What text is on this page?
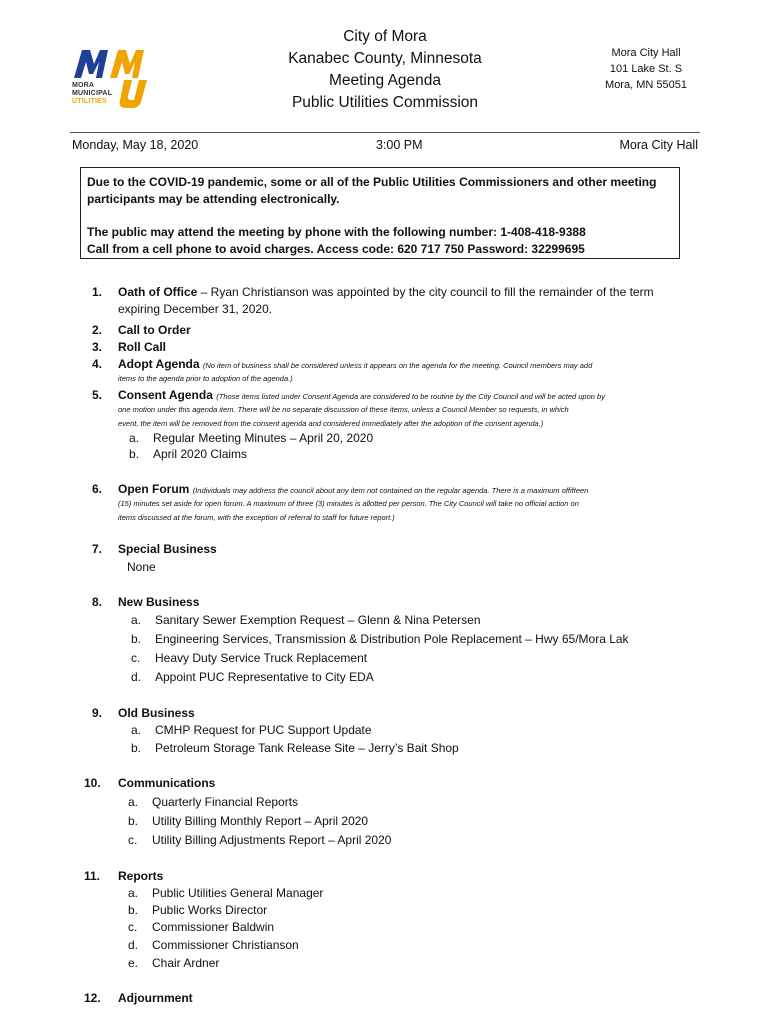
MORA
MUNICIPAL
UTILITIES
City of Mora
Kanabec County, Minnesota
Meeting Agenda
Public Utilities Commission
Mora City Hall
101 Lake St. S
Mora, MN 55051
Monday, May 18, 2020	3:00 PM	Mora City Hall

Due to the COVID-19 pandemic, some or all of the Public Utilities Commissioners and other meeting participants may be attending electronically.

The public may attend the meeting by phone with the following number: 1-408-418-9388

Call from a cell phone to avoid charges. Access code: 620 717 750 Password: 32299695

1. Oath of Office – Ryan Christianson was appointed by the city council to fill the remainder of the term
expiring December 31, 2020.
2. Call to Order
3. Roll Call
4. Adopt Agenda (No item of business shall be considered unless it appears on the agenda for the meeting. Council members may add
items to the agenda prior to adoption of the agenda.)
5. Consent Agenda (Those items listed under Consent Agenda are considered to be routine by the City Council and will be acted upon by
one motion under this agenda item. There will be no separate discussion of these items, unless a Council Member so requests, in which
event, the item will be removed from the consent agenda and considered immediately after the adoption of the consent agenda.)
a. Regular Meeting Minutes – April 20, 2020
b. April 2020 Claims
6. Open Forum (Individuals may address the council about any item not contained on the regular agenda. There is a maximum offifteen
(15) minutes set aside for open forum. A maximum of three (3) minutes is allotted per person. The City Council will take no official action on
items discussed at the forum, with the exception of referral to staff for future report.)
7. Special Business
None
8. New Business
a. Sanitary Sewer Exemption Request – Glenn & Nina Petersen
b. Engineering Services, Transmission & Distribution Pole Replacement – Hwy 65/Mora Lak
c. Heavy Duty Service Truck Replacement
d. Appoint PUC Representative to City EDA
9. Old Business
a. CMHP Request for PUC Support Update
b. Petroleum Storage Tank Release Site – Jerry’s Bait Shop
10. Communications
a. Quarterly Financial Reports
b. Utility Billing Monthly Report – April 2020
c. Utility Billing Adjustments Report – April 2020
11. Reports
a. Public Utilities General Manager
b. Public Works Director
c. Commissioner Baldwin
d. Commissioner Christianson
e. Chair Ardner
12. Adjournment
